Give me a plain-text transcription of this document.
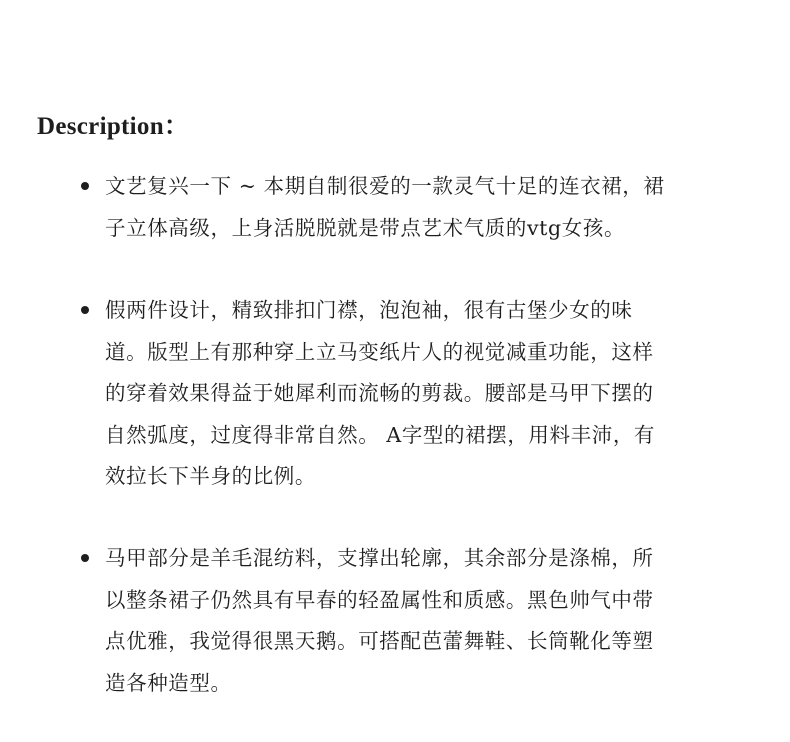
Description：
文艺复兴一下 ~ 本期自制很爱的一款灵气十足的连衣裙，裙
子立体高级，上身活脱脱就是带点艺术气质的vtg女孩。
假两件设计，精致排扣门襟，泡泡袖，很有古堡少女的味
道。版型上有那种穿上立马变纸片人的视觉减重功能，这样
的穿着效果得益于她犀利而流畅的剪裁。腰部是马甲下摆的
自然弧度，过度得非常自然。 A字型的裙摆，用料丰沛，有
效拉长下半身的比例。
马甲部分是羊毛混纺料，支撑出轮廓，其余部分是涤棉，所
以整条裙子仍然具有早春的轻盈属性和质感。黑色帅气中带
点优雅，我觉得很黑天鹅。可搭配芭蕾舞鞋、长筒靴化等塑
造各种造型。
